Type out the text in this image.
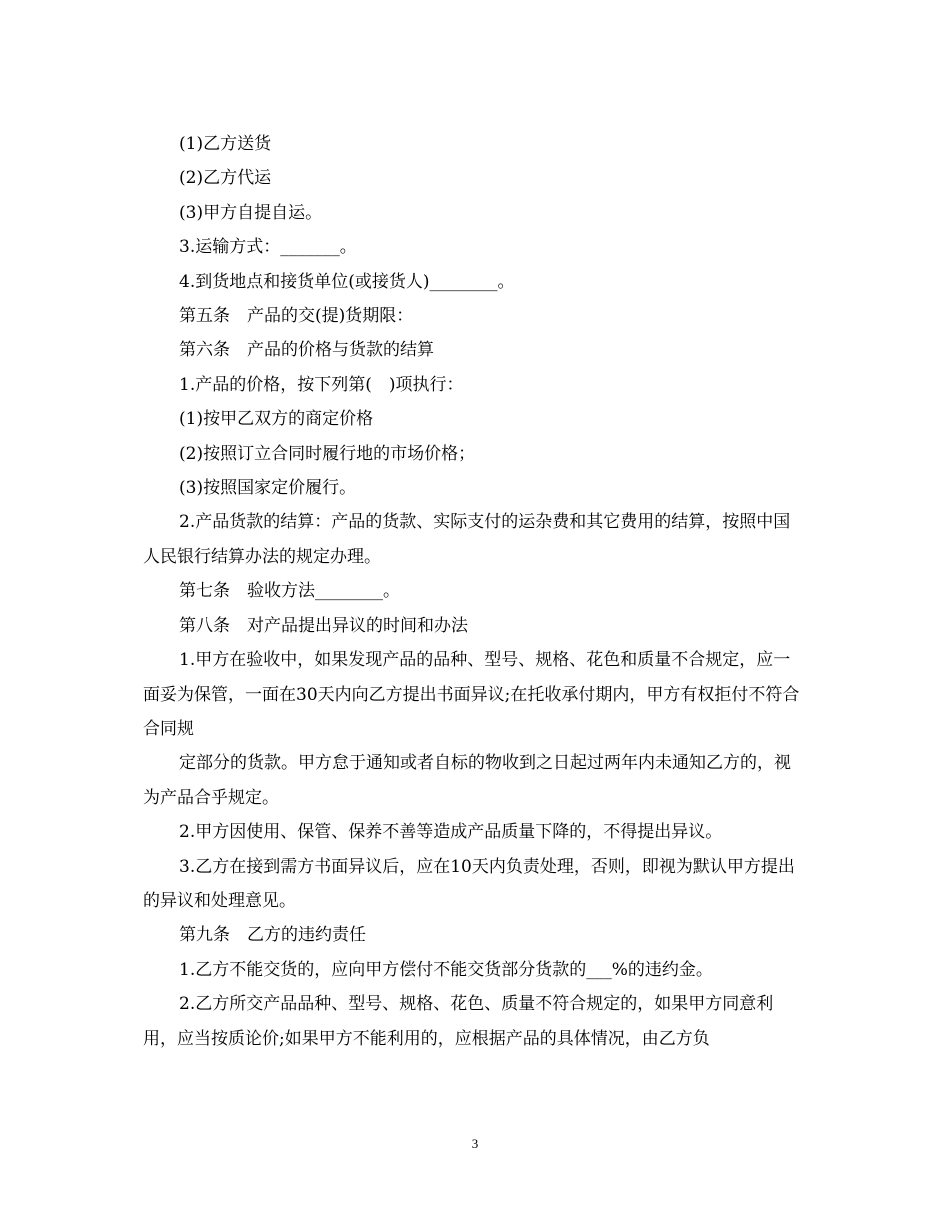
(1)乙方送货

(2)乙方代运

(3)甲方自提自运。

3.运输方式：_______。

4.到货地点和接货单位(或接货人)________。

第五条　产品的交(提)货期限：

第六条　产品的价格与货款的结算

1.产品的价格，按下列第(　)项执行：

(1)按甲乙双方的商定价格

(2)按照订立合同时履行地的市场价格；

(3)按照国家定价履行。

2.产品货款的结算：产品的货款、实际支付的运杂费和其它费用的结算，按照中国人民银行结算办法的规定办理。

第七条　验收方法________。

第八条　对产品提出异议的时间和办法

1.甲方在验收中，如果发现产品的品种、型号、规格、花色和质量不合规定，应一面妥为保管，一面在30天内向乙方提出书面异议;在托收承付期内，甲方有权拒付不符合合同规

定部分的货款。甲方怠于通知或者自标的物收到之日起过两年内未通知乙方的，视为产品合乎规定。

2.甲方因使用、保管、保养不善等造成产品质量下降的，不得提出异议。

3.乙方在接到需方书面异议后，应在10天内负责处理，否则，即视为默认甲方提出的异议和处理意见。

第九条　乙方的违约责任

1.乙方不能交货的，应向甲方偿付不能交货部分货款的___%的违约金。

2.乙方所交产品品种、型号、规格、花色、质量不符合规定的，如果甲方同意利用，应当按质论价;如果甲方不能利用的，应根据产品的具体情况，由乙方负

3
